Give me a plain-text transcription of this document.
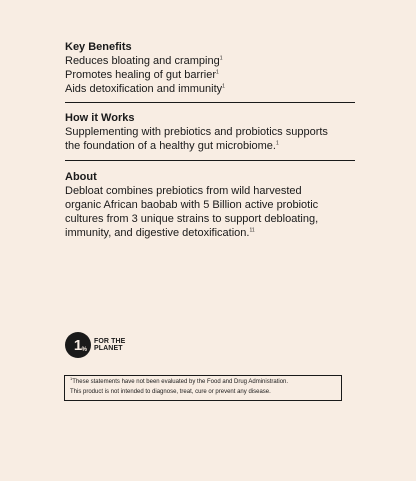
Key Benefits

Reduces bloating and cramping$^1$

Promotes healing of gut barrier$^1$

Aids detoxification and immunity$^1$

How it Works

Supplementing with prebiotics and probiotics supports

the foundation of a healthy gut microbiome.$^1$

About

Debloat combines prebiotics from wild harvested

organic African baobab with 5 Billion active probiotic

cultures from 3 unique strains to support debloating,

immunity, and digestive detoxification.$^{11}$

1 %
FOR THE
PLANET
$^1$These statements have not been evaluated by the Food and Drug Administration.
This product is not intended to diagnose, treat, cure or prevent any disease.
